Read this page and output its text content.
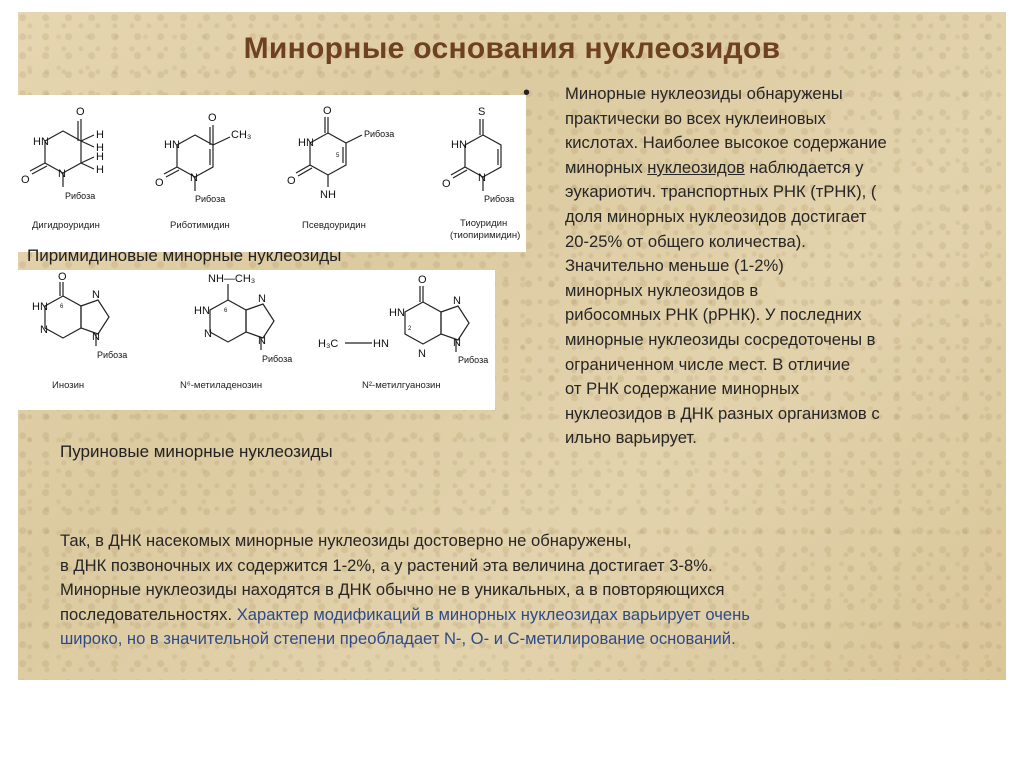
Минорные основания нуклеозидов
O
HN
O	N
H
H
H
H
Рибоза
Дигидроуридин
O
HN
O N
CH₃
Рибоза
Риботимидин
O
HN
O
NH
5
Рибоза
Псевдоуридин
S
HN
O N
Рибоза
Тиоуридин
(тиопиримидин)
Пиримидиновые минорные нуклеозиды
O
HN
N
N
N
6
Рибоза
Инозин
NH—CH₃
HN
N
N
N
6
Рибоза
N⁶-метиладенозин
O
HN
H₃C	HN
N
N
N
2
Рибоза
N²-метилгуанозин
Пуриновые минорные нуклеозиды
• Минорные нуклеозиды обнаружены
практически во всех нуклеиновых
кислотах. Наиболее высокое содержание
минорных нуклеозидов наблюдается у
эукариотич. транспортных РНК (тРНК), (
доля минорных нуклеозидов достигает
20-25% от общего количества).
Значительно меньше (1-2%)
минорных нуклеозидов в
рибосомных РНК (рРНК). У последних
минорные нуклеозиды сосредоточены в
ограниченном числе мест. В отличие
от РНК содержание минорных
нуклеозидов в ДНК разных организмов с
ильно варьирует.
Так, в ДНК насекомых минорные нуклеозиды достоверно не обнаружены,
в ДНК позвоночных их содержится 1-2%, а у растений эта величина достигает 3-8%.
Минорные нуклеозиды находятся в ДНК обычно не в уникальных, а в повторяющихся
последовательностях. Характер модификаций в минорных нуклеозидах варьирует очень
широко, но в значительной степени преобладает N-, О- и С-метилирование оснований.
